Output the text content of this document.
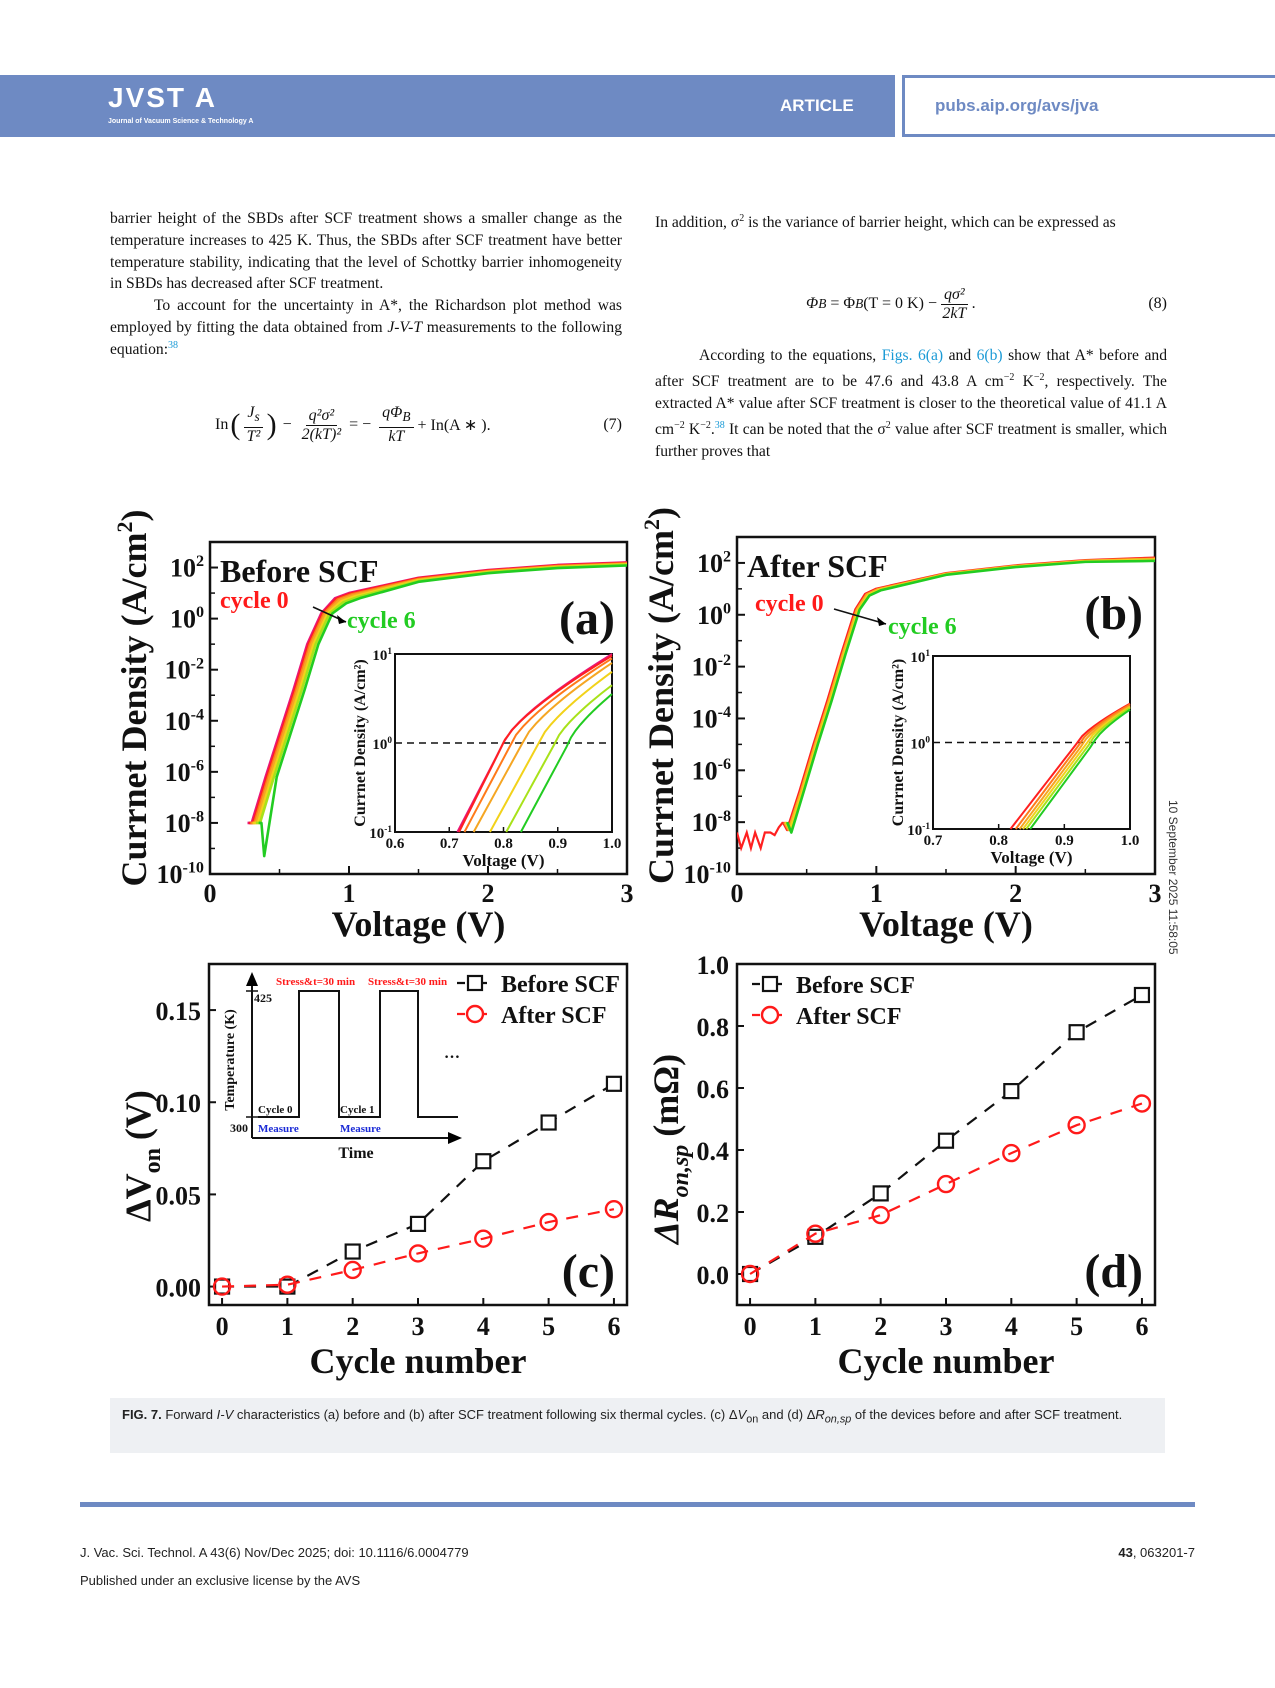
JVST A
Journal of Vacuum Science & Technology A
ARTICLE	pubs.aip.org/avs/jva

barrier height of the SBDs after SCF treatment shows a smaller change as the temperature increases to 425 K. Thus, the SBDs after SCF treatment have better temperature stability, indicating that the level of Schottky barrier inhomogeneity in SBDs has decreased after SCF treatment.

To account for the uncertainty in A*, the Richardson plot method was employed by fitting the data obtained from J-V-T measurements to the following equation:$^{38}$

In ( $\frac{J_s}{\text{T²}}$ ) − $\frac{\text{q²σ²}}{\text{2(kT)²}}$ = − $\frac{q\Phi_B}{kT} + In(A$ ∗ ).	(7)

In addition, $\sigma^2$ is the variance of barrier height, which can be expressed as

Φ B = Φ B (T = 0 $K) - \frac{\text{qσ²}}{2kT}$ .	(8)

According to the equations, Figs. 6(a) and 6(b) show that A* before and after SCF treatment are to be 47.6 and 43.8 A $cm^{-2}$ $K^{-2}$, respectively. The extracted A* value after SCF treatment is closer to the theoretical value of 41.1 A $cm^{-2}$ $K^{-2}.^{38}$ It can be noted that the $\sigma^2$ value after SCF treatment is smaller, which further proves that

0	1	2	3
$10^{-10}$
$10^{-8}$
$10^{-6}$
$10^{-4}$
$10^{-2}$
$10^0$
$10^2$
Voltage (V)
Currnet Density $(A/cm^2)$
Before SCF
(a)
cycle 0
cycle 6
0.6 0.7 0.8 0.9 1.0
$10^{-1}$
$10^0$
$10^1$
Voltage (V)
Currnet Density (A/cm²)
0	1	2	3
$10^{-10}$
$10^{-8}$
$10^{-6}$
$10^{-4}$
$10^{-2}$
$10^0$
$10^2$
Voltage (V)
Currnet Density $(A/cm^2)$
After SCF
(b)
cycle 0
cycle 6
0.7	0.8	0.9	1.0
$10^{-1}$
$10^0$
$10^1$
Voltage (V)
Currnet Density (A/cm²)
0 1 2 3 4 5 6
0.00
0.05
0.10
0.15
Cycle number
Before SCF
After SCF
(c)
425
300
Temperature (K)
Time
Stress&t=30 min Stress&t=30 min
Cycle 0	Cycle 1
Measure	Measure
…
0 1 2 3 4 5 6
0.0
0.2
0.4
0.6
0.8
1.0
Cycle number
Before SCF
After SCF
(d)
$\Delta V_{on}(V)$
$\Delta R_{on,sp}(m\Omega)$
FIG. 7. Forward I-V characteristics (a) before and (b) after SCF treatment following six thermal cycles. (c) $\Delta V_{on}$ and (d) $\Delta R_{on,sp}$ of the devices before and after SCF treatment.
J. Vac. Sci. Technol. A 43(6) Nov/Dec 2025; doi: 10.1116/6.0004779	43, 063201-7
Published under an exclusive license by the AVS
10 September 2025 11:58:05
